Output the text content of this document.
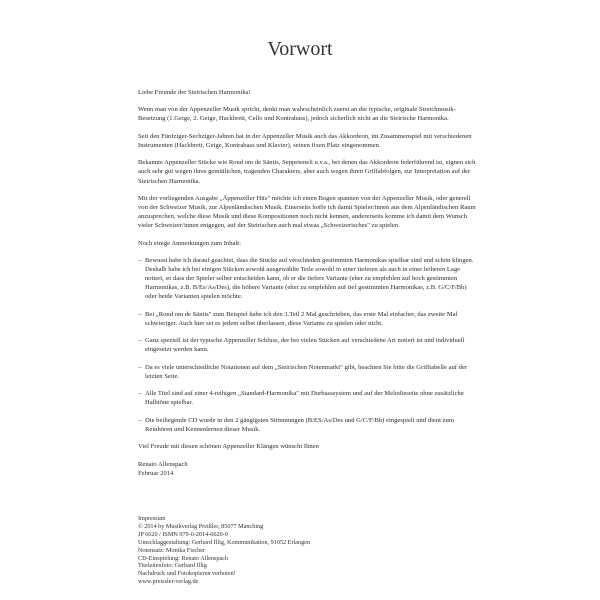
Vorwort

Liebe Freunde der Steirischen Harmonika!

Wenn man von der Appenzeller Musik spricht, denkt man wahrscheinlich zuerst an die typische, originale Streichmusik-Besetzung (1.Geige, 2. Geige, Hackbrett, Cello und Kontrabass), jedoch sicherlich nicht an die Steirische Harmonika.

Seit den Fünfziger-Sechziger-Jahren hat in der Appenzeller Musik auch das Akkordeon, im Zusammenspiel mit verschiedenen Instrumenten (Hackbrett, Geige, Kontrabass und Klavier), seinen fixen Platz eingenommen.

Bekannte Appenzeller Stücke wie Rond om de Säntis, Seppeteneli u.v.a., bei denen das Akkordeon federführend ist, eignen sich auch sehr gut wegen ihres gemütlichen, tragenden Charakters, aber auch wegen ihren Griffabfolgen, zur Interpretation auf der Steirischen Harmonika.

Mit der vorliegenden Ausgabe „Äppenzeller Hits" möchte ich einen Bogen spannen von der Appenzeller Musik, oder generell von der Schweizer Musik, zur Alpenländischen Musik. Einerseits hoffe ich damit Spieler/innen aus dem Alpenländischen Raum anzusprechen, welche diese Musik und diese Kompositionen noch nicht kennen, andererseits komme ich damit dem Wunsch vieler Schweizer/innen entgegen, auf der Steirischen auch mal etwas „Schweizerisches" zu spielen.

Noch einige Anmerkungen zum Inhalt:

– Bewusst habe ich darauf geachtet, dass die Stücke auf verschieden gestimmten Harmonikas spielbar sind und schön klingen. Deshalb habe ich bei einigen Stücken sowohl ausgewählte Teile sowohl in einer tieferen als auch in einer höheren Lage notiert, so dass der Spieler selber entscheiden kann, ob er die tiefere Variante (eher zu empfehlen auf hoch gestimmten Harmonikas, z.B. B/Es/As/Des), die höhere Variante (eher zu empfehlen auf tief gestimmten Harmonikas, z.B. G/C/F/Bb) oder beide Varianten spielen möchte.
– Bei „Rond om de Säntis" zum Beispiel habe ich den 3.Teil 2 Mal geschrieben, das erste Mal einfacher, das zweite Mal schwieriger. Auch hier sei es jedem selbst überlassen, diese Variante zu spielen oder nicht.
– Ganz speziell ist der typische Appenzeller Schluss, der bei vielen Stücken auf verschiedene Art notiert ist und individuell eingesetzt werden kann.
– Da es viele unterschiedliche Notationen auf dem „Steirischen Notenmarkt" gibt, beachten Sie bitte die Grifftabelle auf der letzten Seite.
– Alle Titel sind auf einer 4-reihigen „Standard-Harmonika" mit Durbasssystem und auf der Melodieseite ohne zusätzliche Halbtöne spielbar.
– Die beiliegende CD wurde in den 2 gängigsten Stimmungen (B/ES/As/Des und G/C/F/Bb) eingespielt und dient zum Reinhören und Kennenlernen dieser Musik.

Viel Freude mit diesen schönen Appenzeller Klängen wünscht Ihnen

Renato Allenspach

Februar 2014

Impressum
© 2014 by Musikverlag Preißler, 85077 Manching
JP 6620 / ISMN 979-0-2014-6620-0
Umschlaggestaltung: Gerhard Illig, Kommunikation, 91052 Erlangen
Notensatz: Monika Fischer
CD-Einspielung: Renato Allenspach
Titeleitenfoto: Gerhard Illig
Nachdruck und Fotokopieren verboten!
www.preissler-verlag.de
